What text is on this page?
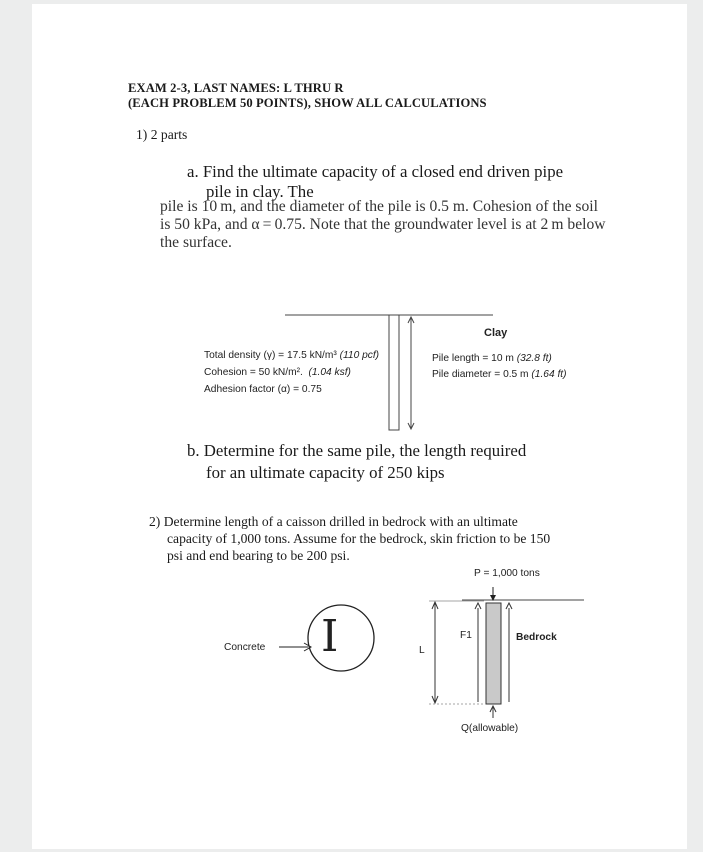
EXAM 2-3, LAST NAMES: L THRU R
(EACH PROBLEM 50 POINTS), SHOW ALL CALCULATIONS
1) 2 parts
a. Find the ultimate capacity of a closed end driven pipe
pile in clay. The
pile is 10 m, and the diameter of the pile is 0.5 m. Cohesion of the soil
is 50 kPa, and α = 0.75. Note that the groundwater level is at 2 m below
the surface.
Clay
Total density (γ) = 17.5 kN/m³ (110 pcf)
Cohesion = 50 kN/m². (1.04 ksf)
Adhesion factor (α) = 0.75
Pile length = 10 m (32.8 ft)
Pile diameter = 0.5 m (1.64 ft)
b. Determine for the same pile, the length required
for an ultimate capacity of 250 kips
2) Determine length of a caisson drilled in bedrock with an ultimate
capacity of 1,000 tons. Assume for the bedrock, skin friction to be 150
psi and end bearing to be 200 psi.
I
Concrete
P = 1,000 tons
F1	Bedrock
L
Q(allowable)
